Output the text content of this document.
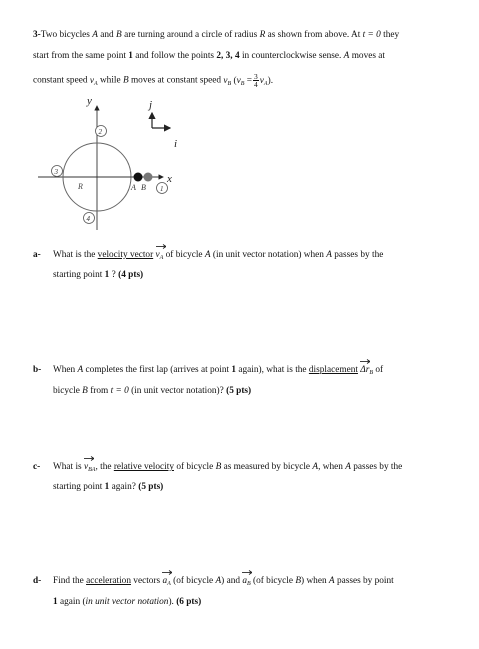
3-Two bicycles A and B are turning around a circle of radius R as shown from above. At t = 0 they
start from the same point 1 and follow the points 2, 3, 4 in counterclockwise sense. A moves at
constant speed $v_A$ while B moves at constant speed $v_B$ $(v_B = \frac{3}{4} v_A)$.
y	j
i
x
R	A B
2
3
4
1
a- What is the velocity vector $v_A$ of bicycle A (in unit vector notation) when A passes by the
starting point 1 ? (4 pts)
b- When A completes the first lap (arrives at point 1 again), what is the displacement $\Delta r_B$ of
bicycle B from t = 0 (in unit vector notation)? (5 pts)
c- What is $v_{BA}$, the relative velocity of bicycle B as measured by bicycle A, when A passes by the
starting point 1 again? (5 pts)
d- Find the acceleration vectors $a_A$ (of bicycle A) and $a_B$ (of bicycle B) when A passes by point
1 again (in unit vector notation). (6 pts)
